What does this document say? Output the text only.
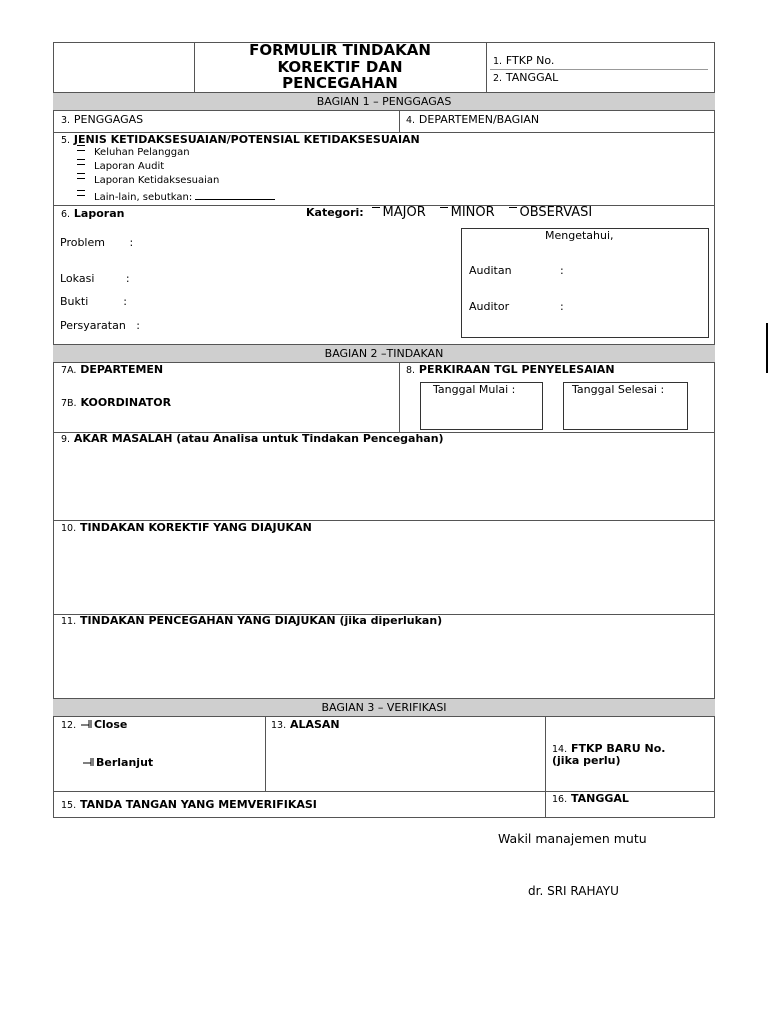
FORMULIR TINDAKAN
KOREKTIF DAN
PENCEGAHAN
1. FTKP No.
2. TANGGAL
BAGIAN 1 – PENGGAGAS
3. PENGGAGAS	4. DEPARTEMEN/BAGIAN
5. JENIS KETIDAKSESUAIAN/POTENSIAL KETIDAKSESUAIAN
Keluhan Pelanggan
Laporan Audit
Laporan Ketidaksesuaian
Lain-lain, sebutkan:
6. Laporan	Kategori: MAJOR MINOR OBSERVASI
Problem       :
Lokasi         :
Bukti          :
Persyaratan   :
Mengetahui,
Auditan	:
Auditor	:
BAGIAN 2 –TINDAKAN
7A. DEPARTEMEN
7B. KOORDINATOR
8. PERKIRAAN TGL PENYELESAIAN
Tanggal Mulai :	Tanggal Selesai :
9. AKAR MASALAH (atau Analisa untuk Tindakan Pencegahan)
10. TINDAKAN KOREKTIF YANG DIAJUKAN
11. TINDAKAN PENCEGAHAN YANG DIAJUKAN (jika diperlukan)
BAGIAN 3 – VERIFIKASI
12. Close
Berlanjut
13. ALASAN
14. FTKP BARU No.
(jika perlu)
15. TANDA TANGAN YANG MEMVERIFIKASI	16. TANGGAL
Wakil manajemen mutu
dr. SRI RAHAYU
